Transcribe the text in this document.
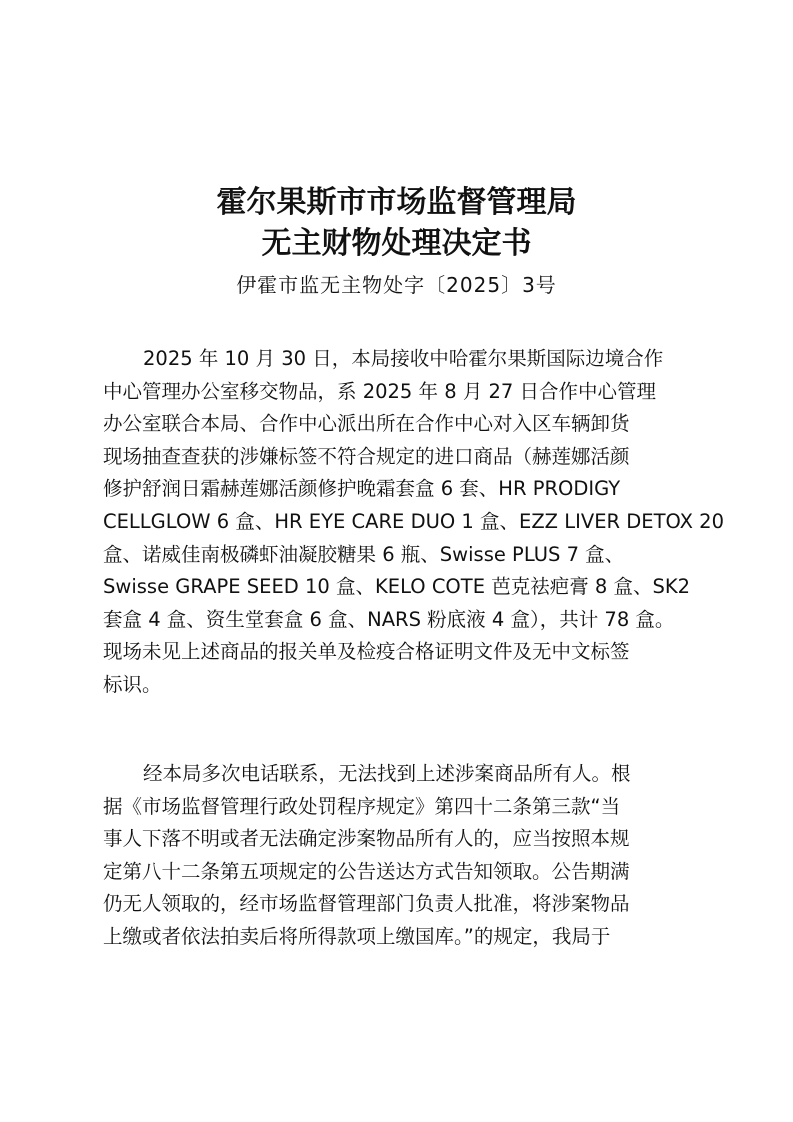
霍尔果斯市市场监督管理局
无主财物处理决定书
伊霍市监无主物处字〔2025〕3号
2025 年 10 月 30 日，本局接收中哈霍尔果斯国际边境合作
中心管理办公室移交物品，系 2025 年 8 月 27 日合作中心管理
办公室联合本局、合作中心派出所在合作中心对入区车辆卸货
现场抽查查获的涉嫌标签不符合规定的进口商品（赫莲娜活颜
修护舒润日霜赫莲娜活颜修护晚霜套盒 6 套、HR PRODIGY
CELLGLOW 6 盒、HR EYE CARE DUO 1 盒、EZZ LIVER DETOX 20
盒、诺威佳南极磷虾油凝胶糖果 6 瓶、Swisse PLUS 7 盒、
Swisse GRAPE SEED 10 盒、KELO COTE 芭克祛疤膏 8 盒、SK2
套盒 4 盒、资生堂套盒 6 盒、NARS 粉底液 4 盒），共计 78 盒。
现场未见上述商品的报关单及检疫合格证明文件及无中文标签
标识。
经本局多次电话联系，无法找到上述涉案商品所有人。根
据《市场监督管理行政处罚程序规定》第四十二条第三款“当
事人下落不明或者无法确定涉案物品所有人的，应当按照本规
定第八十二条第五项规定的公告送达方式告知领取。公告期满
仍无人领取的，经市场监督管理部门负责人批准，将涉案物品
上缴或者依法拍卖后将所得款项上缴国库。”的规定，我局于
